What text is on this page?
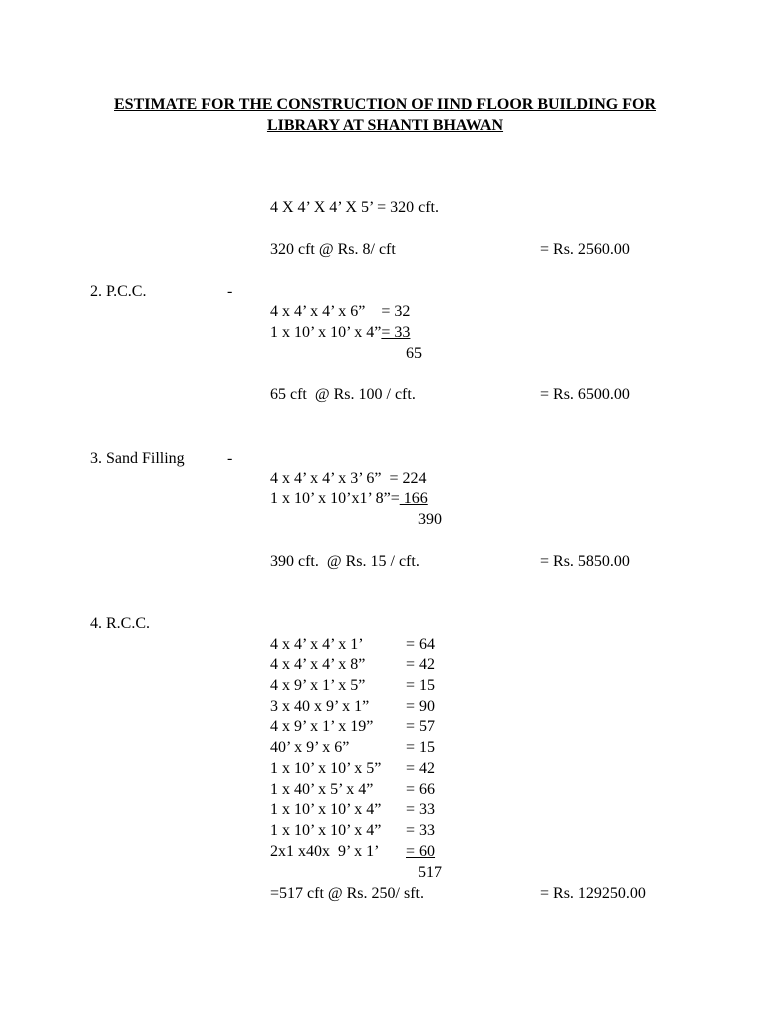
ESTIMATE FOR THE CONSTRUCTION OF IIND FLOOR BUILDING FOR
LIBRARY AT SHANTI BHAWAN
4 X 4’ X 4’ X 5’ = 320 cft.
320 cft @ Rs. 8/ cft	= Rs. 2560.00
2. P.C.C.	-
4 x 4’ x 4’ x 6”    = 32
1 x 10’ x 10’ x 4”= 33
65
65 cft  @ Rs. 100 / cft.	= Rs. 6500.00
3. Sand Filling	-
4 x 4’ x 4’ x 3’ 6”  = 224
1 x 10’ x 10’x1’ 8”= 166
390
390 cft.  @ Rs. 15 / cft.	= Rs. 5850.00
4. R.C.C.
4 x 4’ x 4’ x 1’	= 64
4 x 4’ x 4’ x 8”	= 42
4 x 9’ x 1’ x 5”	= 15
3 x 40 x 9’ x 1” = 90
4 x 9’ x 1’ x 19” = 57
40’ x 9’ x 6”	= 15
1 x 10’ x 10’ x 5” = 42
1 x 40’ x 5’ x 4” = 66
1 x 10’ x 10’ x 4” = 33
1 x 10’ x 10’ x 4” = 33
2x1 x40x  9’ x 1’ = 60
517
=517 cft @ Rs. 250/ sft.	= Rs. 129250.00
